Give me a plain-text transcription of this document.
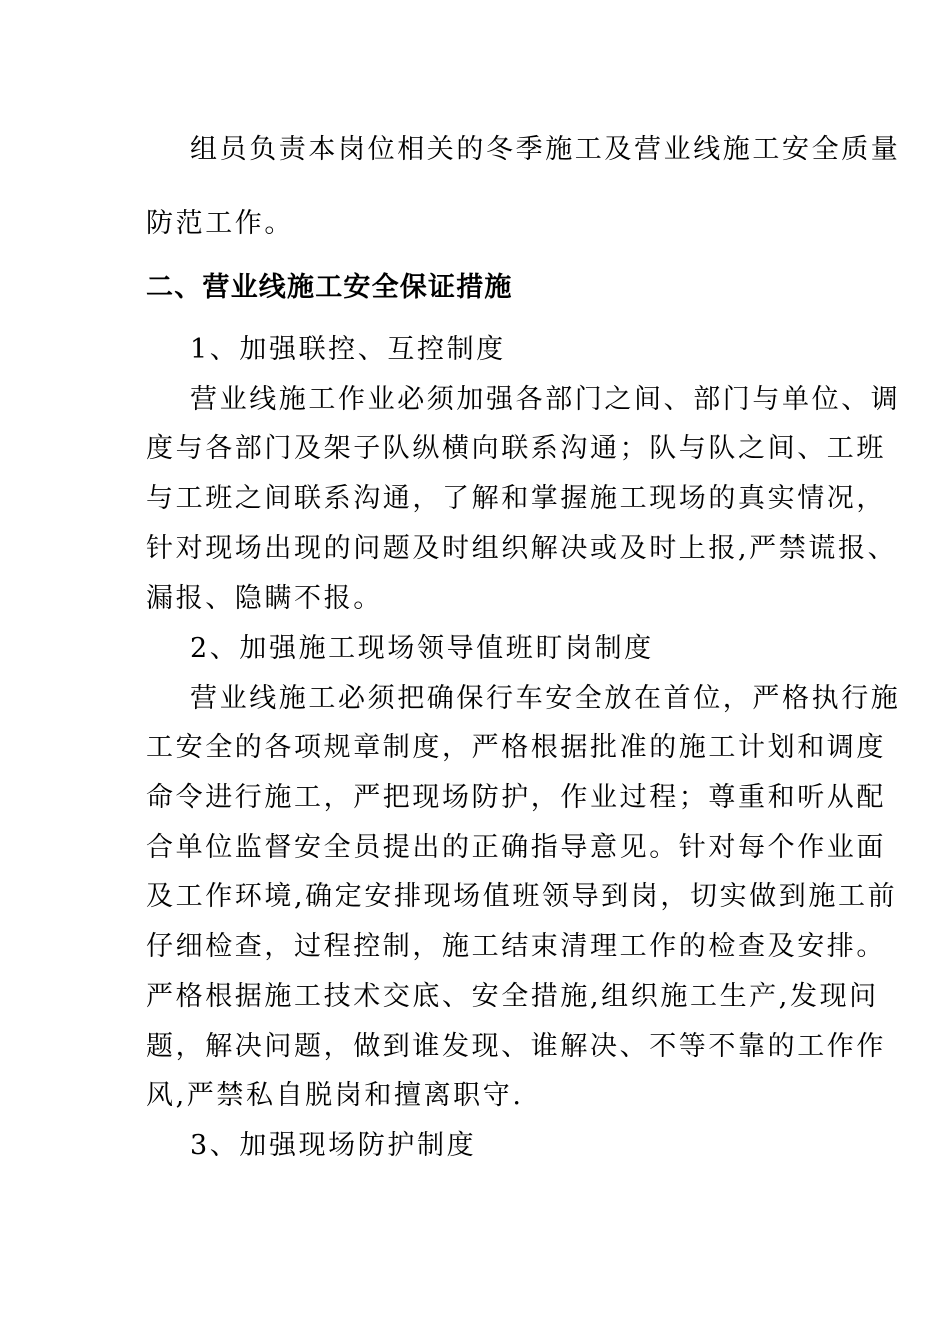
组员负责本岗位相关的冬季施工及营业线施工安全质量
防范工作。
二、营业线施工安全保证措施
1、加强联控、互控制度
营业线施工作业必须加强各部门之间、部门与单位、调
度与各部门及架子队纵横向联系沟通；队与队之间、工班
与工班之间联系沟通，了解和掌握施工现场的真实情况，
针对现场出现的问题及时组织解决或及时上报,严禁谎报、
漏报、隐瞒不报。
2、加强施工现场领导值班盯岗制度
营业线施工必须把确保行车安全放在首位，严格执行施
工安全的各项规章制度，严格根据批准的施工计划和调度
命令进行施工，严把现场防护，作业过程；尊重和听从配
合单位监督安全员提出的正确指导意见。针对每个作业面
及工作环境,确定安排现场值班领导到岗，切实做到施工前
仔细检查，过程控制，施工结束清理工作的检查及安排。
严格根据施工技术交底、安全措施,组织施工生产,发现问
题，解决问题，做到谁发现、谁解决、不等不靠的工作作
风,严禁私自脱岗和擅离职守.
3、加强现场防护制度
